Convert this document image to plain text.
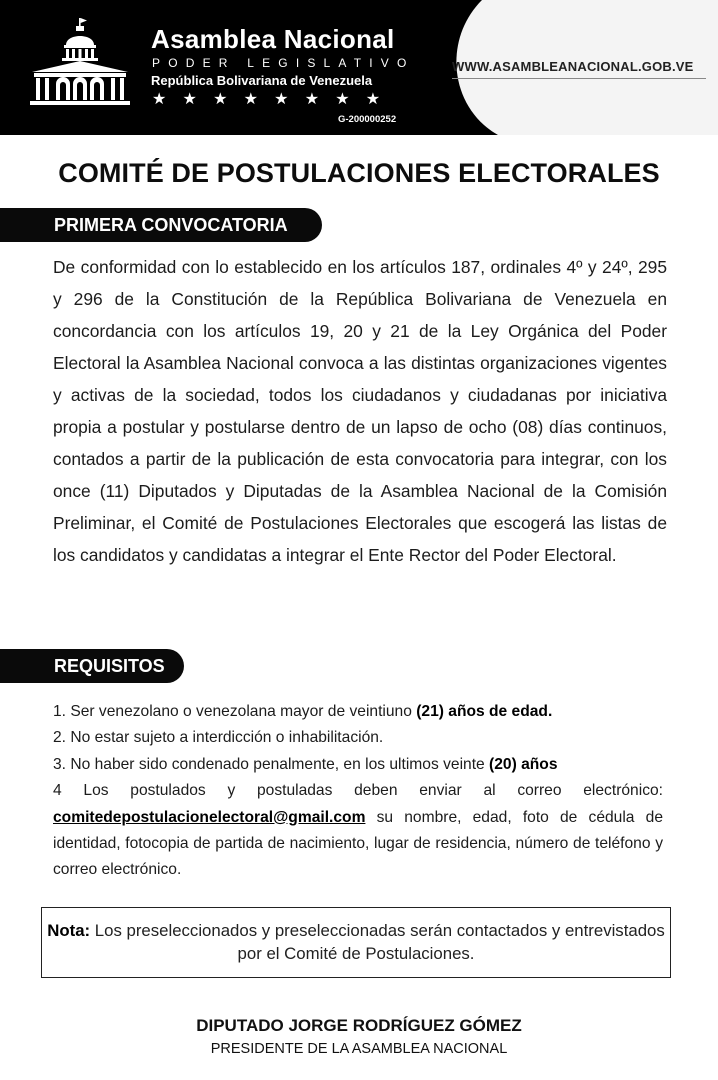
Asamblea Nacional
PODER LEGISLATIVO
República Bolivariana de Venezuela
★★★★★★★★
G-200000252
WWW.ASAMBLEANACIONAL.GOB.VE
COMITÉ DE POSTULACIONES ELECTORALES
PRIMERA CONVOCATORIA
De conformidad con lo establecido en los artículos 187, ordinales 4º y 24º, 295 y 296 de la Constitución de la República Bolivariana de Venezuela en concordancia con los artículos 19, 20 y 21 de la Ley Orgánica del Poder Electoral la Asamblea Nacional convoca a las distintas organizaciones vigentes y activas de la sociedad, todos los ciudadanos y ciudadanas por iniciativa propia a postular y postularse dentro de un lapso de ocho (08) días continuos, contados a partir de la publicación de esta convocatoria para integrar, con los once (11) Diputados y Diputadas de la Asamblea Nacional de la Comisión Preliminar, el Comité de Postulaciones Electorales que escogerá las listas de los candidatos y candidatas a integrar el Ente Rector del Poder Electoral.
REQUISITOS
1. Ser venezolano o venezolana mayor de veintiuno (21) años de edad.
2. No estar sujeto a interdicción o inhabilitación.
3. No haber sido condenado penalmente, en los ultimos veinte (20) años
4 Los postulados y postuladas deben enviar al correo electrónico: comitedepostulacionelectoral@gmail.com su nombre, edad, foto de cédula de identidad, fotocopia de partida de nacimiento, lugar de residencia, número de teléfono y correo electrónico.
Nota: Los preseleccionados y preseleccionadas serán contactados y entrevistados por el Comité de Postulaciones.
DIPUTADO JORGE RODRÍGUEZ GÓMEZ
PRESIDENTE DE LA ASAMBLEA NACIONAL
